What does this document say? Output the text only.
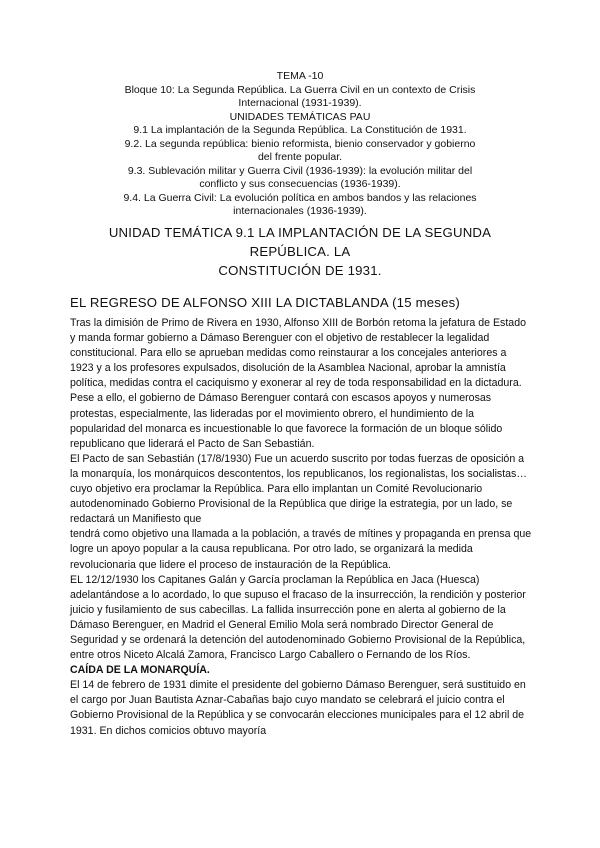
TEMA -10
Bloque 10: La Segunda República. La Guerra Civil en un contexto de Crisis Internacional (1931-1939).
UNIDADES TEMÁTICAS PAU
9.1 La implantación de la Segunda República. La Constitución de 1931.
9.2. La segunda república: bienio reformista, bienio conservador y gobierno del frente popular.
9.3. Sublevación militar y Guerra Civil (1936-1939): la evolución militar del conflicto y sus consecuencias (1936-1939).
9.4. La Guerra Civil: La evolución política en ambos bandos y las relaciones internacionales (1936-1939).
UNIDAD TEMÁTICA 9.1 LA IMPLANTACIÓN DE LA SEGUNDA REPÚBLICA. LA
CONSTITUCIÓN DE 1931.
EL REGRESO DE ALFONSO XIII LA DICTABLANDA (15 meses)

Tras la dimisión de Primo de Rivera en 1930, Alfonso XIII de Borbón retoma la jefatura de Estado y manda formar gobierno a Dámaso Berenguer con el objetivo de restablecer la legalidad constitucional. Para ello se aprueban medidas como reinstaurar a los concejales anteriores a 1923 y a los profesores expulsados, disolución de la Asamblea Nacional, aprobar la amnistía política, medidas contra el caciquismo y exonerar al rey de toda responsabilidad en la dictadura.

Pese a ello, el gobierno de Dámaso Berenguer contará con escasos apoyos y numerosas protestas, especialmente, las lideradas por el movimiento obrero, el hundimiento de la popularidad del monarca es incuestionable lo que favorece la formación de un bloque sólido republicano que liderará el Pacto de San Sebastián.

El Pacto de san Sebastián (17/8/1930) Fue un acuerdo suscrito por todas fuerzas de oposición a la monarquía, los monárquicos descontentos, los republicanos, los regionalistas, los socialistas…cuyo objetivo era proclamar la República. Para ello implantan un Comité Revolucionario autodenominado Gobierno Provisional de la República que dirige la estrategia, por un lado, se redactará un Manifiesto que

tendrá como objetivo una llamada a la población, a través de mítines y propaganda en prensa que logre un apoyo popular a la causa republicana. Por otro lado, se organizará la medida revolucionaria que lidere el proceso de instauración de la República.

EL 12/12/1930 los Capitanes Galán y García proclaman la República en Jaca (Huesca) adelantándose a lo acordado, lo que supuso el fracaso de la insurrección, la rendición y posterior juicio y fusilamiento de sus cabecillas. La fallida insurrección pone en alerta al gobierno de la Dámaso Berenguer, en Madrid el General Emilio Mola será nombrado Director General de Seguridad y se ordenará la detención del autodenominado Gobierno Provisional de la República, entre otros Niceto Alcalá Zamora, Francisco Largo Caballero o Fernando de los Ríos.

CAÍDA DE LA MONARQUÍA.

El 14 de febrero de 1931 dimite el presidente del gobierno Dámaso Berenguer, será sustituido en el cargo por Juan Bautista Aznar-Cabañas bajo cuyo mandato se celebrará el juicio contra el Gobierno Provisional de la República y se convocarán elecciones municipales para el 12 abril de 1931. En dichos comicios obtuvo mayoría
